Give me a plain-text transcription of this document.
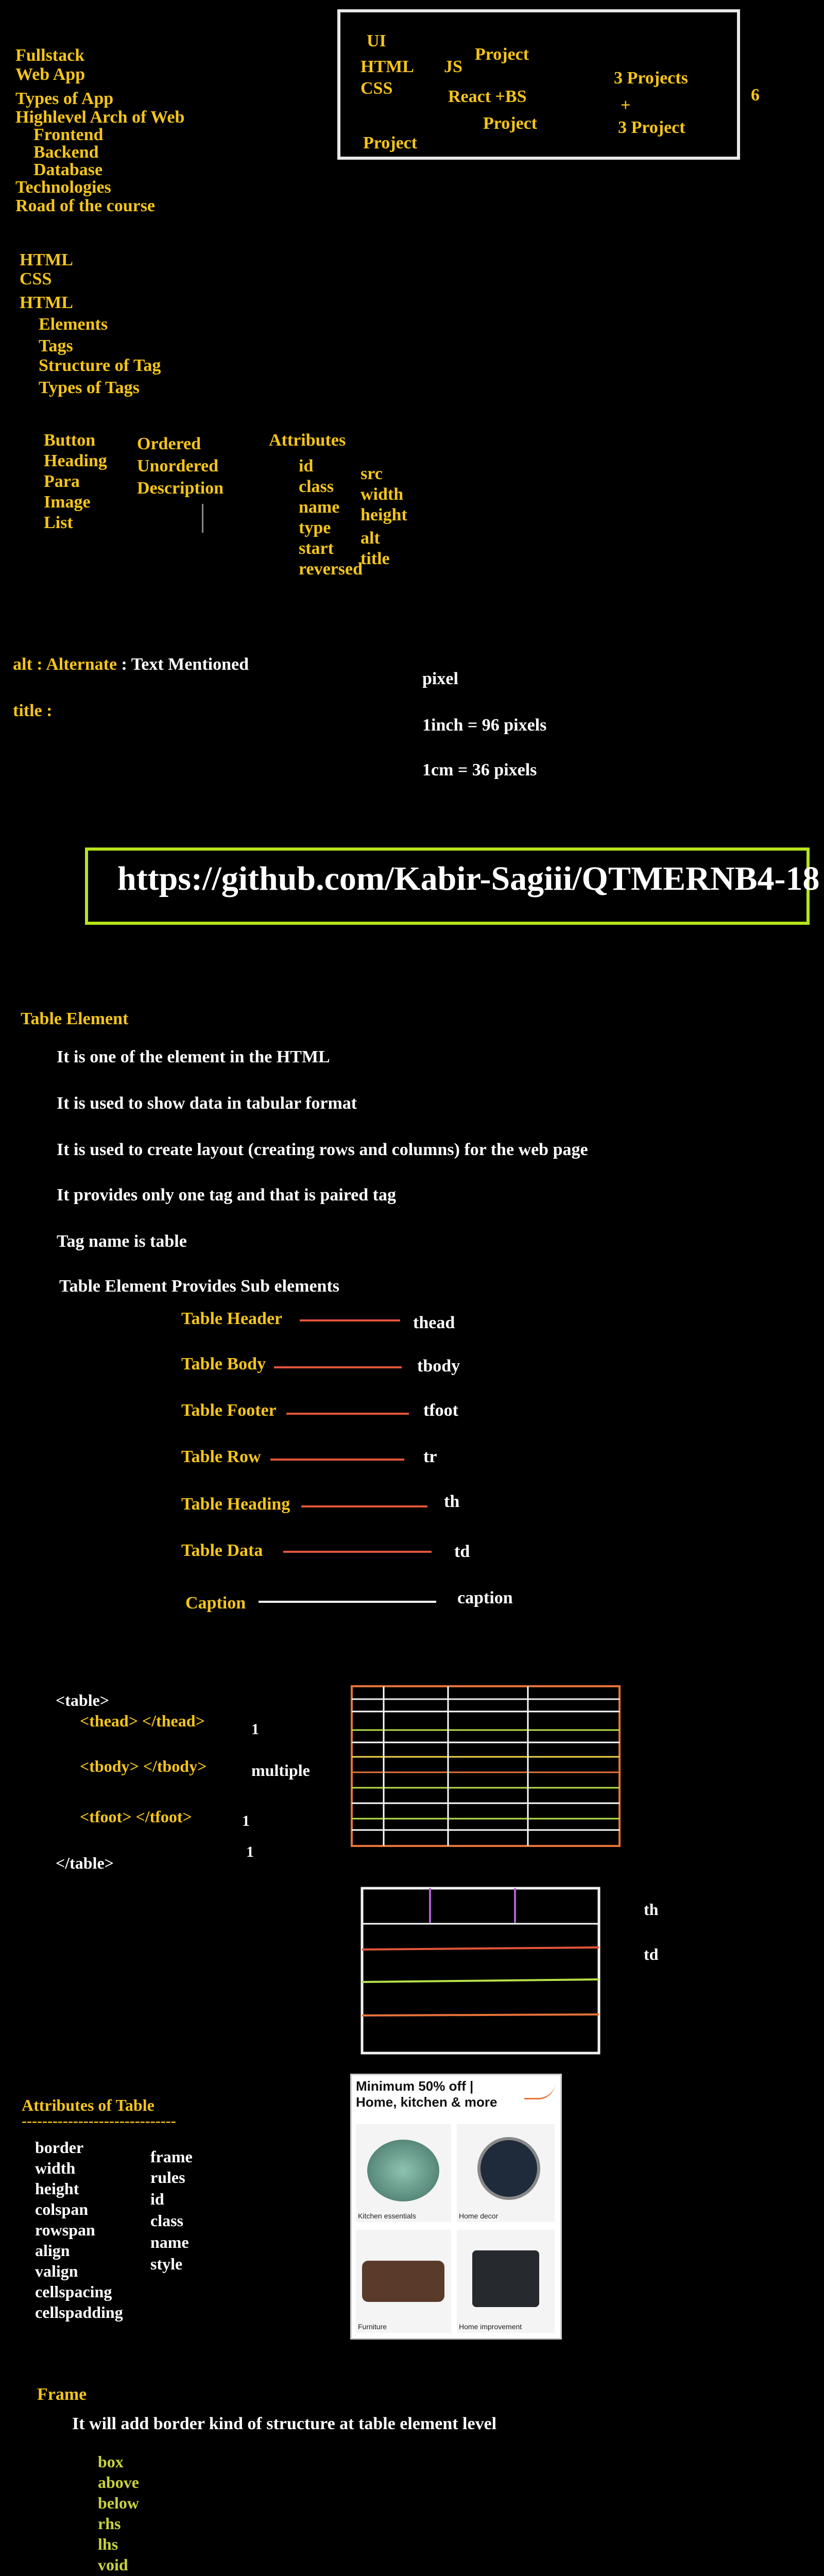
Fullstack
Web App
Types of App
Highlevel Arch of Web
Frontend
Backend
Database
Technologies
Road of the course
UI
HTML
CSS
JS
Project
React +BS
Project
Project
3 Projects
+
3 Project
6
HTML
CSS
HTML
Elements
Tags
Structure of Tag
Types of Tags
Button
Heading
Para
Image
List
Ordered
Unordered
Description
Attributes
id
class
name
type
start
reversed
src
width
height
alt
title
alt : Alternate : Text Mentioned
title :
pixel
1inch = 96 pixels
1cm = 36 pixels
https://github.com/Kabir-Sagiii/QTMERNB4-18
Table Element
It is one of the element in the HTML
It is used to show data in tabular format
It is used to create layout (creating rows and columns) for the web page
It provides only one tag and that is paired tag
Tag name is table
Table Element Provides Sub elements
Table Header	thead
Table Body	tbody
Table Footer	tfoot
Table Row	tr
Table Heading	th
Table Data	td
Caption	caption
<table>
<thead> </thead>	1
<tbody> </tbody>	multiple
<tfoot> </tfoot>	1
</table>
1
th
td
Minimum 50% off | Home, kitchen & more
Kitchen essentials	Home decor
Furniture	Home improvement
Attributes of Table
------------------------------
border
width
height
colspan
rowspan
align
valign
cellspacing
cellspadding
frame
rules
id
class
name
style
Frame
It will add border kind of structure at table element level
box
above
below
rhs
lhs
void
